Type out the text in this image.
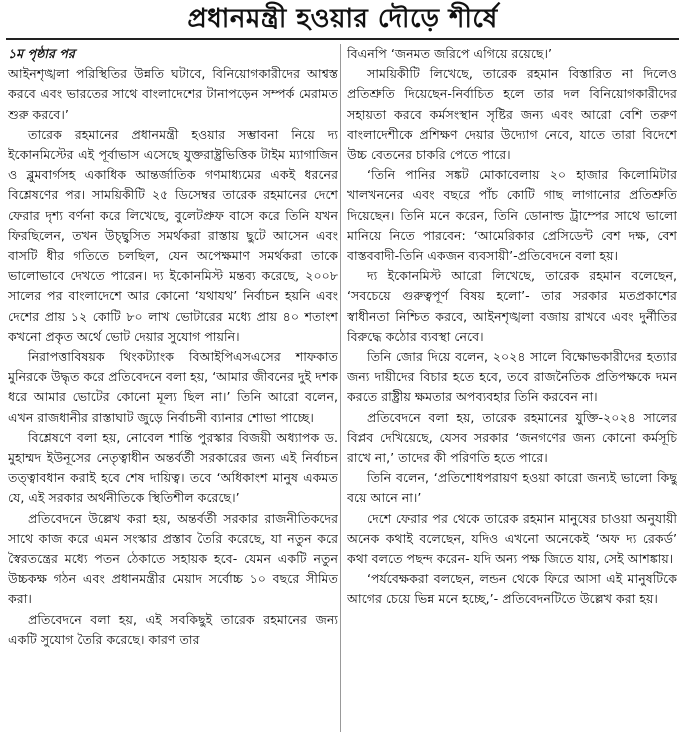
প্রধানমন্ত্রী হওয়ার দৌড়ে শীর্ষে
১ম পৃষ্ঠার পর

আইনশৃঙ্খলা পরিস্থিতির উন্নতি ঘটাবে, বিনিয়োগকারীদের আশ্বস্ত করবে এবং ভারতের সাথে বাংলাদেশের টানাপড়েন সম্পর্ক মেরামত শুরু করবে।’

তারেক রহমানের প্রধানমন্ত্রী হওয়ার সম্ভাবনা নিয়ে দ্য ইকোনমিস্টের এই পূর্বাভাস এসেছে যুক্তরাষ্ট্রভিত্তিক টাইম ম্যাগাজিন ও ব্লুমবার্গসহ একাধিক আন্তর্জাতিক গণমাধ্যমের একই ধরনের বিশ্লেষণের পর। সাময়িকীটি ২৫ ডিসেম্বর তারেক রহমানের দেশে ফেরার দৃশ্য বর্ণনা করে লিখেছে, বুলেটপ্রুফ বাসে করে তিনি যখন ফিরছিলেন, তখন উচ্ছ্বসিত সমর্থকরা রাস্তায় ছুটে আসেন এবং বাসটি ধীর গতিতে চলছিল, যেন অপেক্ষমাণ সমর্থকরা তাকে ভালোভাবে দেখতে পারেন। দ্য ইকোনমিস্ট মন্তব্য করেছে, ২০০৮ সালের পর বাংলাদেশে আর কোনো ‘যথাযথ’ নির্বাচন হয়নি এবং দেশের প্রায় ১২ কোটি ৮০ লাখ ভোটারের মধ্যে প্রায় ৪০ শতাংশ কখনো প্রকৃত অর্থে ভোট দেয়ার সুযোগ পায়নি।

নিরাপত্তাবিষয়ক থিংকট্যাংক বিআইপিএসএসের শাফকাত মুনিরকে উদ্ধৃত করে প্রতিবেদনে বলা হয়, ‘আমার জীবনের দুই দশক ধরে আমার ভোটের কোনো মূল্য ছিল না।’ তিনি আরো বলেন, এখন রাজধানীর রাস্তাঘাট জুড়ে নির্বাচনী ব্যানার শোভা পাচ্ছে।

বিশ্লেষণে বলা হয়, নোবেল শান্তি পুরস্কার বিজয়ী অধ্যাপক ড. মুহাম্মদ ইউনূসের নেতৃত্বাধীন অন্তর্বর্তী সরকারের জন্য এই নির্বাচন তত্ত্বাবধান করাই হবে শেষ দায়িত্ব। তবে ‘অধিকাংশ মানুষ একমত যে, এই সরকার অর্থনীতিকে স্থিতিশীল করেছে।’

প্রতিবেদনে উল্লেখ করা হয়, অন্তর্বর্তী সরকার রাজনীতিকদের সাথে কাজ করে এমন সংস্কার প্রস্তাব তৈরি করেছে, যা নতুন করে স্বৈরতন্ত্রের মধ্যে পতন ঠেকাতে সহায়ক হবে- যেমন একটি নতুন উচ্চকক্ষ গঠন এবং প্রধানমন্ত্রীর মেয়াদ সর্বোচ্চ ১০ বছরে সীমিত করা।

প্রতিবেদনে বলা হয়, এই সবকিছুই তারেক রহমানের জন্য একটি সুযোগ তৈরি করেছে। কারণ তার

বিএনপি ‘জনমত জরিপে এগিয়ে রয়েছে।’

সাময়িকীটি লিখেছে, তারেক রহমান বিস্তারিত না দিলেও প্রতিশ্রুতি দিয়েছেন-নির্বাচিত হলে তার দল বিনিয়োগকারীদের সহায়তা করবে কর্মসংস্থান সৃষ্টির জন্য এবং আরো বেশি তরুণ বাংলাদেশীকে প্রশিক্ষণ দেয়ার উদ্যোগ নেবে, যাতে তারা বিদেশে উচ্চ বেতনের চাকরি পেতে পারে।

‘তিনি পানির সঙ্কট মোকাবেলায় ২০ হাজার কিলোমিটার খালখননের এবং বছরে পাঁচ কোটি গাছ লাগানোর প্রতিশ্রুতি দিয়েছেন। তিনি মনে করেন, তিনি ডোনাল্ড ট্রাম্পের সাথে ভালো মানিয়ে নিতে পারবেন: ‘আমেরিকার প্রেসিডেন্ট বেশ দক্ষ, বেশ বাস্তববাদী-তিনি একজন ব্যবসায়ী’-প্রতিবেদনে বলা হয়।

দ্য ইকোনমিস্ট আরো লিখেছে, তারেক রহমান বলেছেন, ‘সবচেয়ে গুরুত্বপূর্ণ বিষয় হলো’- তার সরকার মতপ্রকাশের স্বাধীনতা নিশ্চিত করবে, আইনশৃঙ্খলা বজায় রাখবে এবং দুর্নীতির বিরুদ্ধে কঠোর ব্যবস্থা নেবে।

তিনি জোর দিয়ে বলেন, ২০২৪ সালে বিক্ষোভকারীদের হত্যার জন্য দায়ীদের বিচার হতে হবে, তবে রাজনৈতিক প্রতিপক্ষকে দমন করতে রাষ্ট্রীয় ক্ষমতার অপব্যবহার তিনি করবেন না।

প্রতিবেদনে বলা হয়, তারেক রহমানের যুক্তি-২০২৪ সালের বিপ্লব দেখিয়েছে, যেসব সরকার ‘জনগণের জন্য কোনো কর্মসূচি রাখে না,’ তাদের কী পরিণতি হতে পারে।

তিনি বলেন, ‘প্রতিশোধপরায়ণ হওয়া কারো জন্যই ভালো কিছু বয়ে আনে না।’

দেশে ফেরার পর থেকে তারেক রহমান মানুষের চাওয়া অনুযায়ী অনেক কথাই বলেছেন, যদিও এখনো অনেকেই ‘অফ দ্য রেকর্ড’ কথা বলতে পছন্দ করেন- যদি অন্য পক্ষ জিতে যায়, সেই আশঙ্কায়।

‘পর্যবেক্ষকরা বলছেন, লন্ডন থেকে ফিরে আসা এই মানুষটিকে আগের চেয়ে ভিন্ন মনে হচ্ছে,’- প্রতিবেদনটিতে উল্লেখ করা হয়।
